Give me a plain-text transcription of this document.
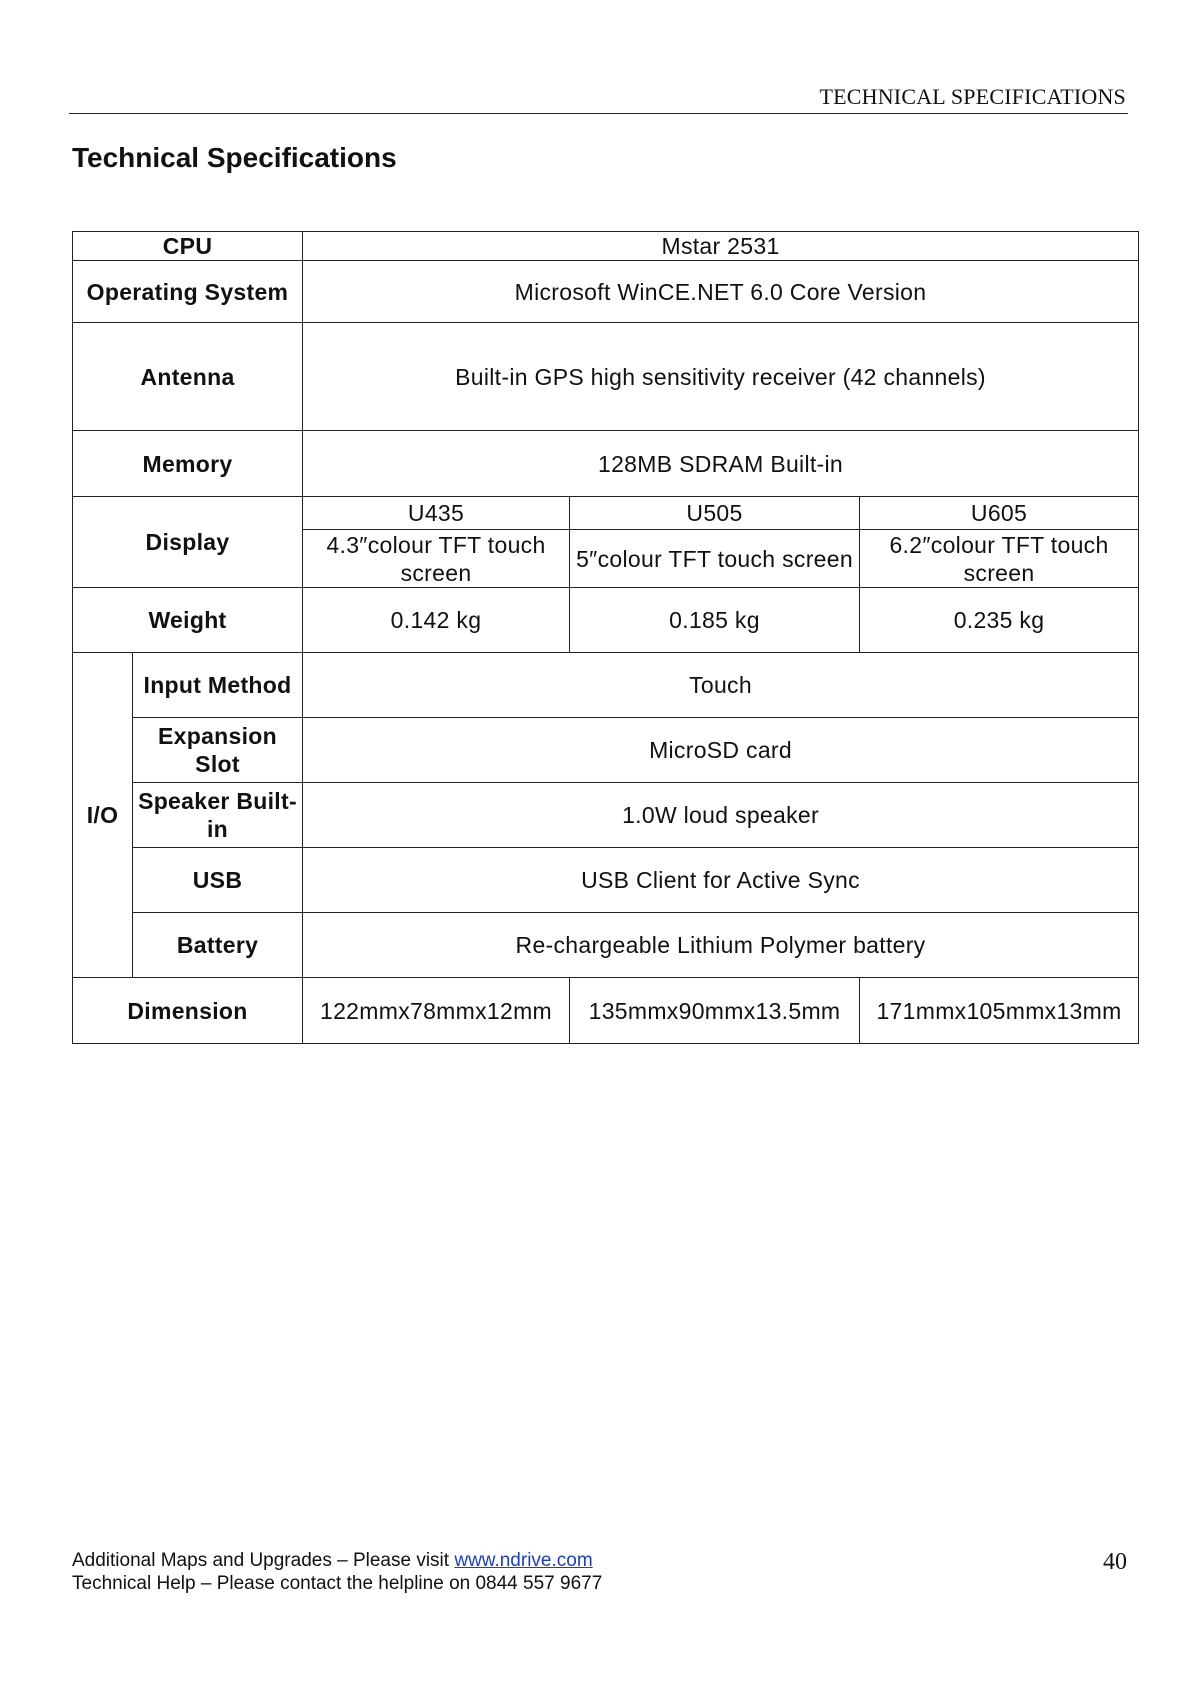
TECHNICAL SPECIFICATIONS
Technical Specifications
CPU		Mstar 2531		
Operating System		Microsoft WinCE.NET 6.0 Core Version		
Antenna		Built-in GPS high sensitivity receiver (42 channels)		
Memory		128MB SDRAM Built-in		
Display		U435	U505	U605
		4.3″colour TFT touch screen	5″colour TFT touch screen	6.2″colour TFT touch screen
Weight		0.142 kg	0.185 kg	0.235 kg
I/O	Input Method	Touch		
	Expansion Slot	MicroSD card		
	Speaker Built-in	1.0W loud speaker		
	USB	USB Client for Active Sync		
	Battery	Re-chargeable Lithium Polymer battery		
Dimension		122mmx78mmx12mm	135mmx90mmx13.5mm	171mmx105mmx13mm
Additional Maps and Upgrades – Please visit www.ndrive.com
Technical Help – Please contact the helpline on 0844 557 9677
40
